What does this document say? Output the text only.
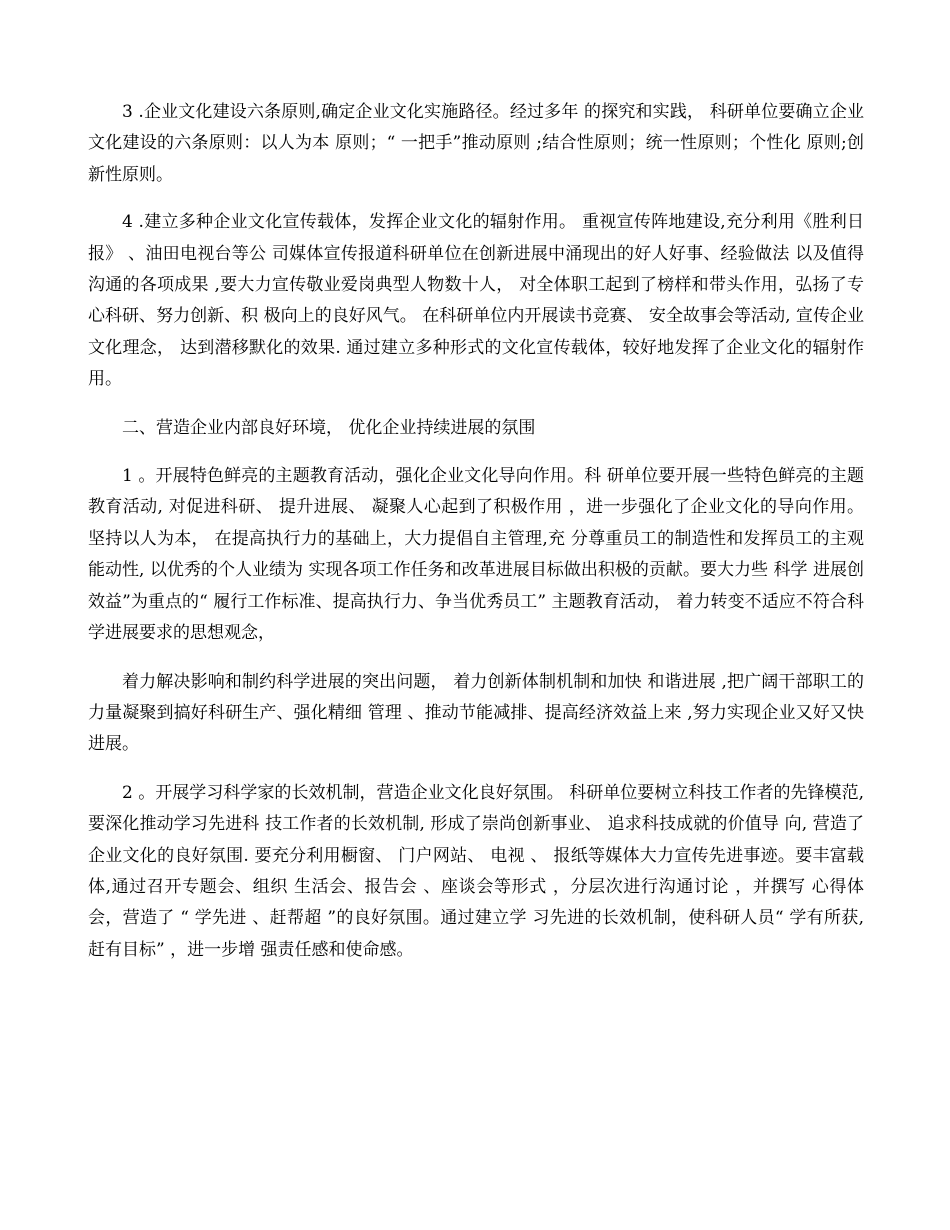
3 .企业文化建设六条原则,确定企业文化实施路径。经过多年 的探究和实践， 科研单位要确立企业文化建设的六条原则：以人为本 原则；“ 一把手”推动原则 ;结合性原则；统一性原则；个性化 原则;创新性原则。

4 .建立多种企业文化宣传载体，发挥企业文化的辐射作用。 重视宣传阵地建设,充分利用《胜利日报》 、油田电视台等公 司媒体宣传报道科研单位在创新进展中涌现出的好人好事、经验做法 以及值得沟通的各项成果 ,要大力宣传敬业爱岗典型人物数十人， 对全体职工起到了榜样和带头作用，弘扬了专心科研、努力创新、积 极向上的良好风气。 在科研单位内开展读书竞赛、 安全故事会等活动, 宣传企业文化理念， 达到潜移默化的效果. 通过建立多种形式的文化宣传载体，较好地发挥了企业文化的辐射作用。

二、营造企业内部良好环境， 优化企业持续进展的氛围

1 。开展特色鲜亮的主题教育活动，强化企业文化导向作用。科 研单位要开展一些特色鲜亮的主题教育活动, 对促进科研、 提升进展、 凝聚人心起到了积极作用 ，进一步强化了企业文化的导向作用。 坚持以人为本， 在提高执行力的基础上，大力提倡自主管理,充 分尊重员工的制造性和发挥员工的主观能动性, 以优秀的个人业绩为 实现各项工作任务和改革进展目标做出积极的贡献。要大力些 科学 进展创效益”为重点的“ 履行工作标准、提高执行力、争当优秀员工” 主题教育活动， 着力转变不适应不符合科学进展要求的思想观念，

着力解决影响和制约科学进展的突出问题， 着力创新体制机制和加快 和谐进展 ,把广阔干部职工的力量凝聚到搞好科研生产、强化精细 管理 、推动节能减排、提高经济效益上来 ,努力实现企业又好又快 进展。

2 。开展学习科学家的长效机制，营造企业文化良好氛围。 科研单位要树立科技工作者的先锋模范, 要深化推动学习先进科 技工作者的长效机制, 形成了崇尚创新事业、 追求科技成就的价值导 向, 营造了企业文化的良好氛围. 要充分利用橱窗、 门户网站、 电视 、 报纸等媒体大力宣传先进事迹。要丰富载体,通过召开专题会、组织 生活会、报告会 、座谈会等形式 ，分层次进行沟通讨论 ，并撰写 心得体会，营造了 “ 学先进 、赶帮超 ”的良好氛围。通过建立学 习先进的长效机制，使科研人员“ 学有所获,赶有目标” ，进一步增 强责任感和使命感。
